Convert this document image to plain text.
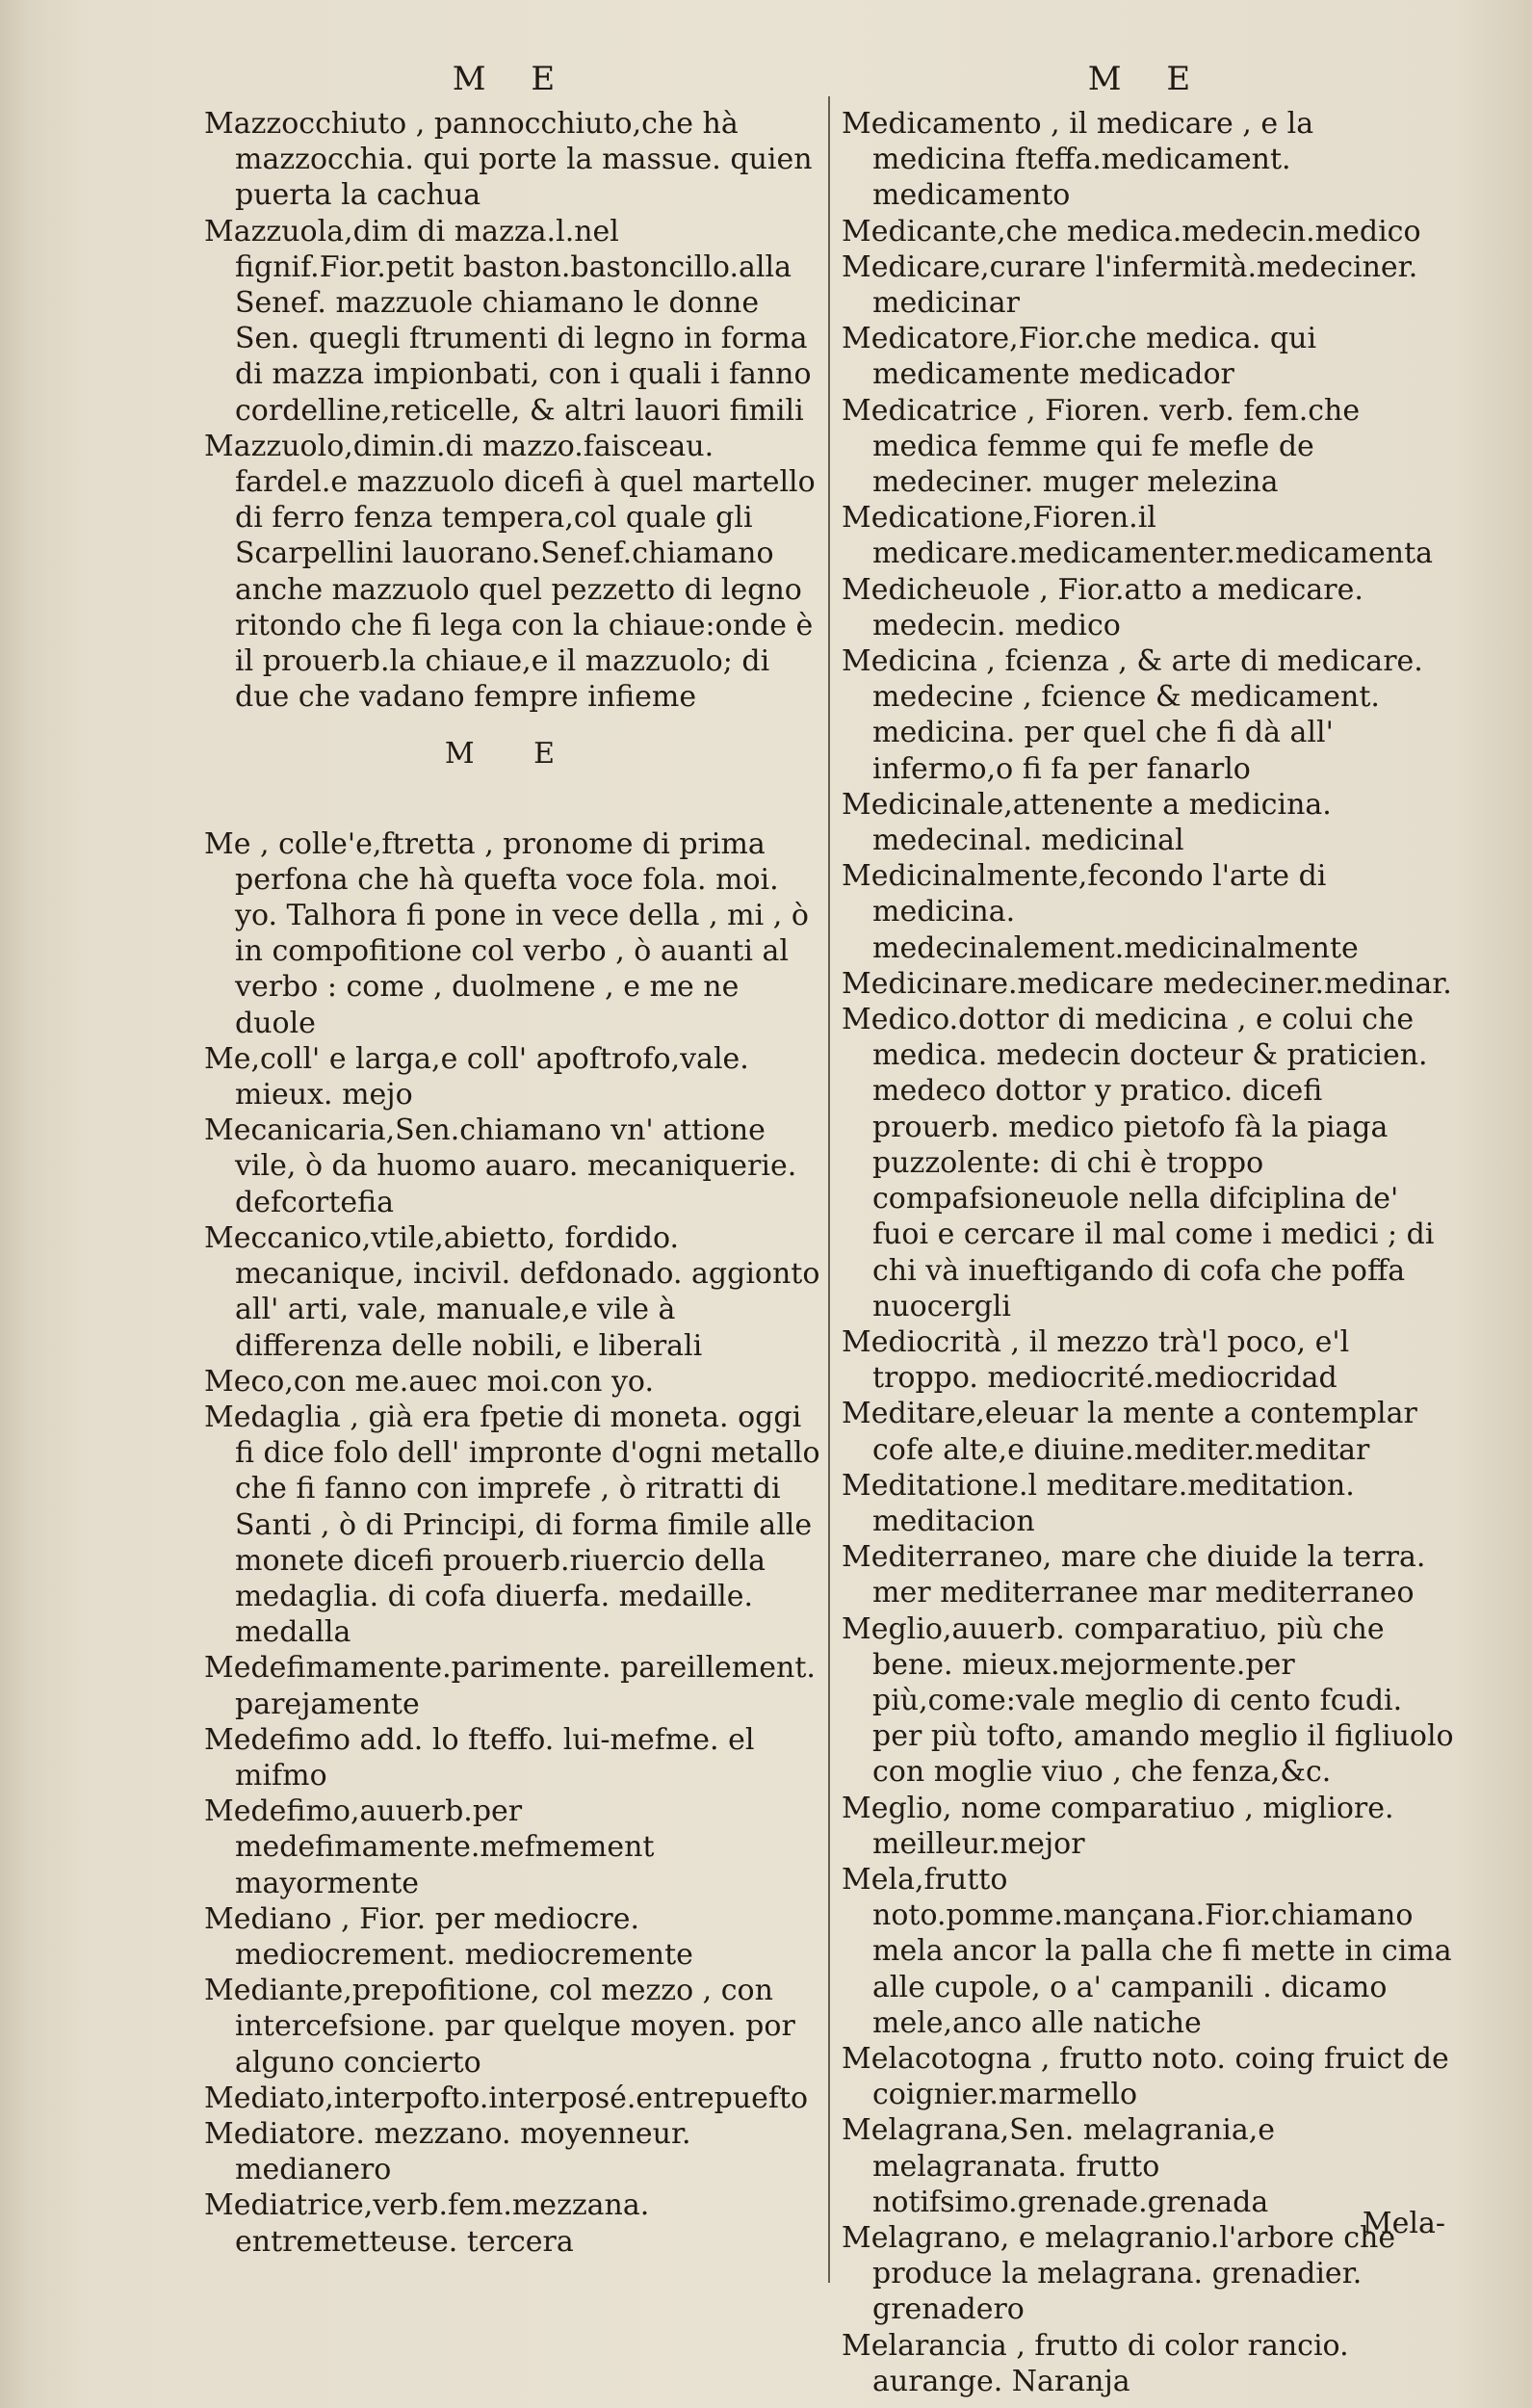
M E

Mazzocchiuto , pannocchiuto,che hà mazzocchia. qui porte la massue. quien puerta la cachua

Mazzuola,dim di mazza.l.nel fignif.Fior.petit baston.bastoncillo.alla Senef. mazzuole chiamano le donne Sen. quegli ftrumenti di legno in forma di mazza impionbati, con i quali i fanno cordelline,reticelle, & altri lauori fimili

Mazzuolo,dimin.di mazzo.faisceau. fardel.e mazzuolo dicefi à quel martello di ferro fenza tempera,col quale gli Scarpellini lauorano.Senef.chiamano anche mazzuolo quel pezzetto di legno ritondo che fi lega con la chiaue:onde è il prouerb.la chiaue,e il mazzuolo; di due che vadano fempre infieme

M E

Me , colle'e,ftretta , pronome di prima perfona che hà quefta voce fola. moi. yo. Talhora fi pone in vece della , mi , ò in compofitione col verbo , ò auanti al verbo : come , duolmene , e me ne duole

Me,coll' e larga,e coll' apoftrofo,vale. mieux. mejo

Mecanicaria,Sen.chiamano vn' attione vile, ò da huomo auaro. mecaniquerie. defcortefia

Meccanico,vtile,abietto, fordido. mecanique, incivil. defdonado. aggionto all' arti, vale, manuale,e vile à differenza delle nobili, e liberali

Meco,con me.auec moi.con yo.

Medaglia , già era fpetie di moneta. oggi fi dice folo dell' impronte d'ogni metallo che fi fanno con imprefe , ò ritratti di Santi , ò di Principi, di forma fimile alle monete dicefi prouerb.riuercio della medaglia. di cofa diuerfa. medaille. medalla

Medefimamente.parimente. pareillement. parejamente

Medefimo add. lo fteffo. lui-mefme. el mifmo

Medefimo,auuerb.per medefimamente.mefmement mayormente

Mediano , Fior. per mediocre. mediocrement. mediocremente

Mediante,prepofitione, col mezzo , con intercefsione. par quelque moyen. por alguno concierto

Mediato,interpofto.interposé.entrepuefto

Mediatore. mezzano. moyenneur. medianero

Mediatrice,verb.fem.mezzana. entremetteuse. tercera

M E

Medicamento , il medicare , e la medicina fteffa.medicament. medicamento

Medicante,che medica.medecin.medico

Medicare,curare l'infermità.medeciner. medicinar

Medicatore,Fior.che medica. qui medicamente medicador

Medicatrice , Fioren. verb. fem.che medica femme qui fe mefle de medeciner. muger melezina

Medicatione,Fioren.il medicare.medicamenter.medicamenta

Medicheuole , Fior.atto a medicare. medecin. medico

Medicina , fcienza , & arte di medicare. medecine , fcience & medicament. medicina. per quel che fi dà all' infermo,o fi fa per fanarlo

Medicinale,attenente a medicina. medecinal. medicinal

Medicinalmente,fecondo l'arte di medicina. medecinalement.medicinalmente

Medicinare.medicare medeciner.medinar.

Medico.dottor di medicina , e colui che medica. medecin docteur & praticien. medeco dottor y pratico. dicefi prouerb. medico pietofo fà la piaga puzzolente: di chi è troppo compafsioneuole nella difciplina de' fuoi e cercare il mal come i medici ; di chi và inueftigando di cofa che poffa nuocergli

Mediocrità , il mezzo trà'l poco, e'l troppo. mediocrité.mediocridad

Meditare,eleuar la mente a contemplar cofe alte,e diuine.mediter.meditar

Meditatione.l meditare.meditation. meditacion

Mediterraneo, mare che diuide la terra. mer mediterranee mar mediterraneo

Meglio,auuerb. comparatiuo, più che bene. mieux.mejormente.per più,come:vale meglio di cento fcudi. per più tofto, amando meglio il figliuolo con moglie viuo , che fenza,&c.

Meglio, nome comparatiuo , migliore. meilleur.mejor

Mela,frutto noto.pomme.mançana.Fior.chiamano mela ancor la palla che fi mette in cima alle cupole, o a' campanili . dicamo mele,anco alle natiche

Melacotogna , frutto noto. coing fruict de coignier.marmello

Melagrana,Sen. melagrania,e melagranata. frutto notifsimo.grenade.grenada

Melagrano, e melagranio.l'arbore che produce la melagrana. grenadier. grenadero

Melarancia , frutto di color rancio. aurange. Naranja

Mela-
